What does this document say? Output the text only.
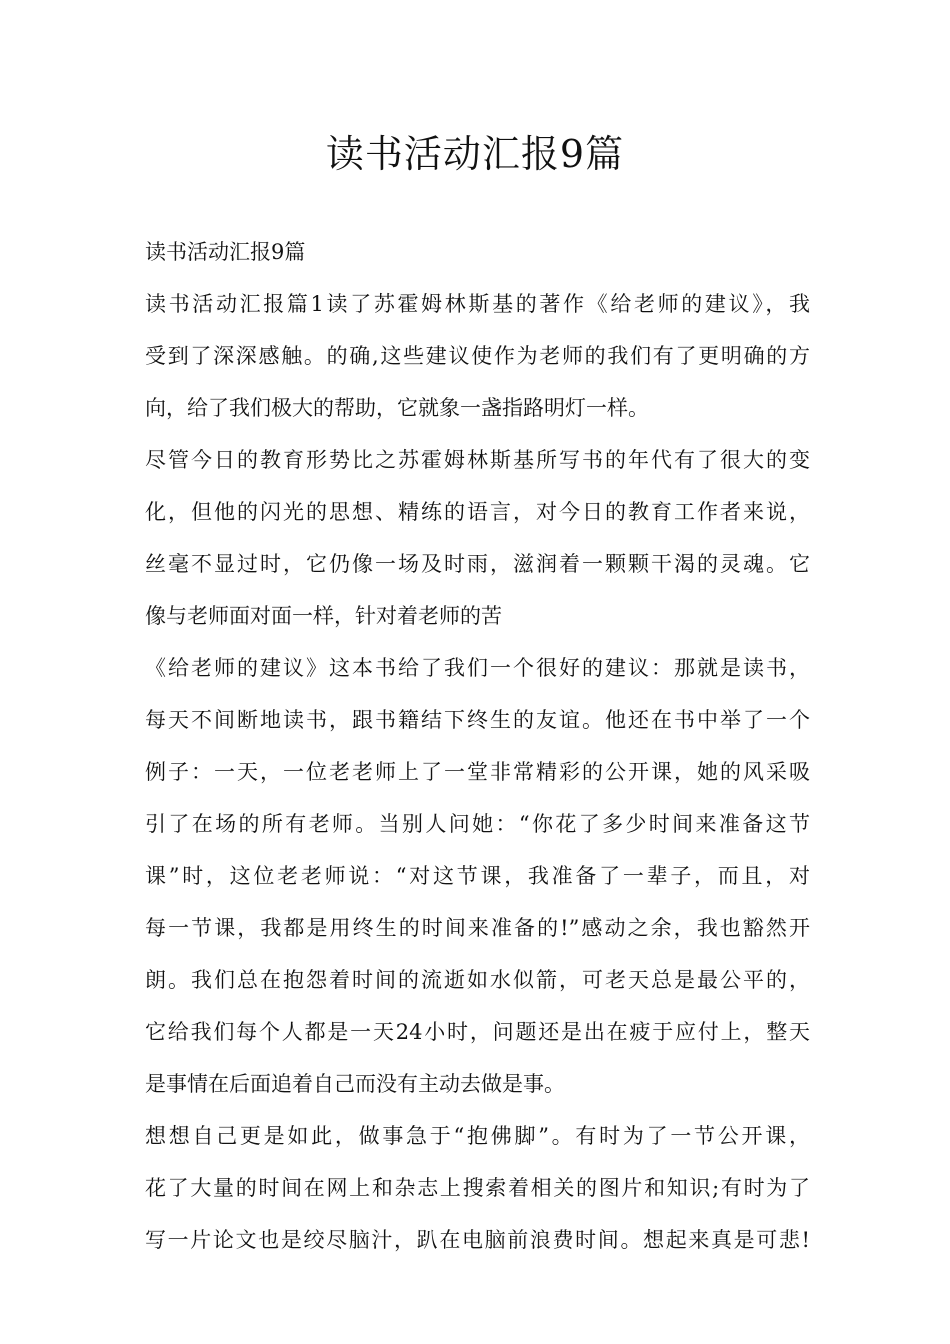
读书活动汇报9篇

读书活动汇报9篇

读书活动汇报篇1读了苏霍姆林斯基的著作《给老师的建议》，我
受到了深深感触。的确,这些建议使作为老师的我们有了更明确的方
向，给了我们极大的帮助，它就象一盏指路明灯一样。

尽管今日的教育形势比之苏霍姆林斯基所写书的年代有了很大的变
化，但他的闪光的思想、精练的语言，对今日的教育工作者来说，
丝毫不显过时，它仍像一场及时雨，滋润着一颗颗干渴的灵魂。它
像与老师面对面一样，针对着老师的苦

《给老师的建议》这本书给了我们一个很好的建议：那就是读书，
每天不间断地读书，跟书籍结下终生的友谊。他还在书中举了一个
例子：一天，一位老老师上了一堂非常精彩的公开课，她的风采吸
引了在场的所有老师。当别人问她：“你花了多少时间来准备这节
课”时，这位老老师说：“对这节课，我准备了一辈子，而且，对
每一节课，我都是用终生的时间来准备的!”感动之余，我也豁然开
朗。我们总在抱怨着时间的流逝如水似箭，可老天总是最公平的，
它给我们每个人都是一天24小时，问题还是出在疲于应付上，整天
是事情在后面追着自己而没有主动去做是事。

想想自己更是如此，做事急于“抱佛脚”。有时为了一节公开课，
花了大量的时间在网上和杂志上搜索着相关的图片和知识;有时为了
写一片论文也是绞尽脑汁，趴在电脑前浪费时间。想起来真是可悲!
